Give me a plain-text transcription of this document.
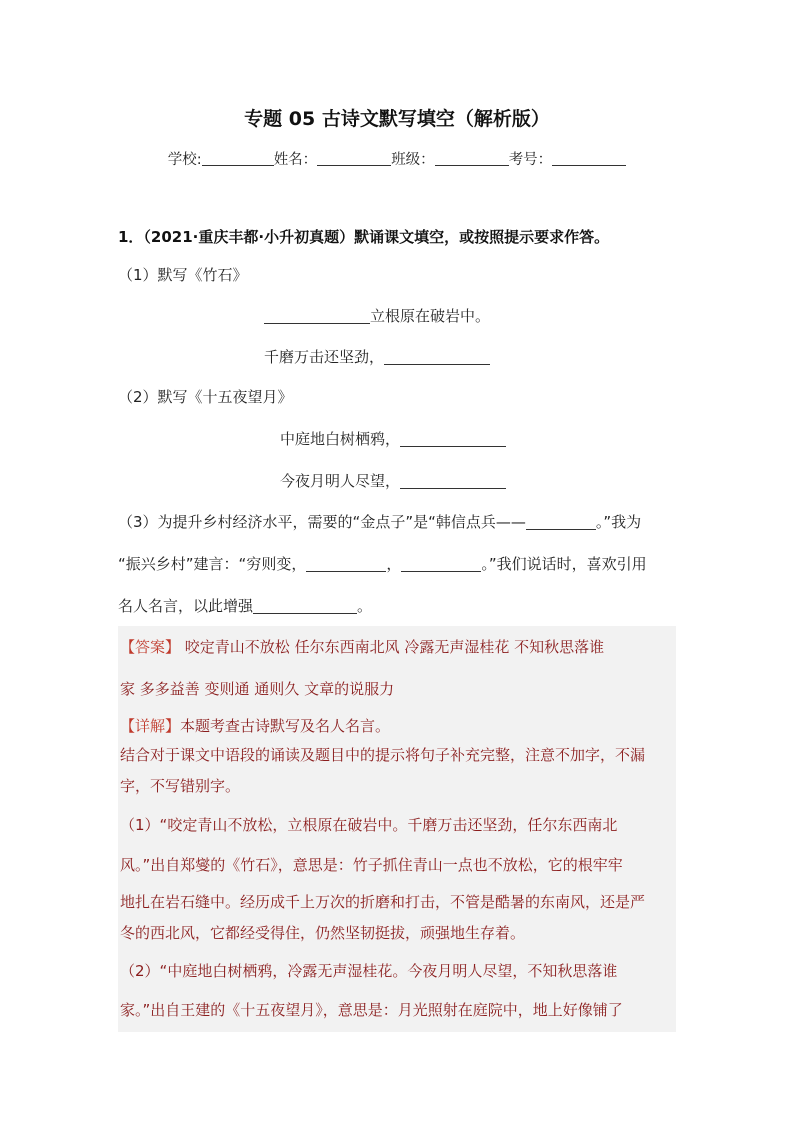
专题 05 古诗文默写填空（解析版）
学校:	姓名：	班级：	考号：
1．（2021·重庆丰都·小升初真题）默诵课文填空，或按照提示要求作答。
（1）默写《竹石》
立根原在破岩中。
千磨万击还坚劲，
（2）默写《十五夜望月》
中庭地白树栖鸦，
今夜月明人尽望，
（3）为提升乡村经济水平，需要的“金点子”是“韩信点兵——	。”我为
“振兴乡村”建言：“穷则变，	，	。”我们说话时，喜欢引用
名人名言，以此增强	。
【答案】 咬定青山不放松 任尔东西南北风 冷露无声湿桂花 不知秋思落谁
家 多多益善 变则通 通则久 文章的说服力
【详解】本题考查古诗默写及名人名言。
结合对于课文中语段的诵读及题目中的提示将句子补充完整，注意不加字，不漏
字，不写错别字。
（1）“咬定青山不放松，立根原在破岩中。千磨万击还坚劲，任尔东西南北
风。”出自郑燮的《竹石》，意思是：竹子抓住青山一点也不放松，它的根牢牢
地扎在岩石缝中。经历成千上万次的折磨和打击，不管是酷暑的东南风，还是严
冬的西北风，它都经受得住，仍然坚韧挺拔，顽强地生存着。
（2）“中庭地白树栖鸦，冷露无声湿桂花。今夜月明人尽望，不知秋思落谁
家。”出自王建的《十五夜望月》，意思是：月光照射在庭院中，地上好像铺了
